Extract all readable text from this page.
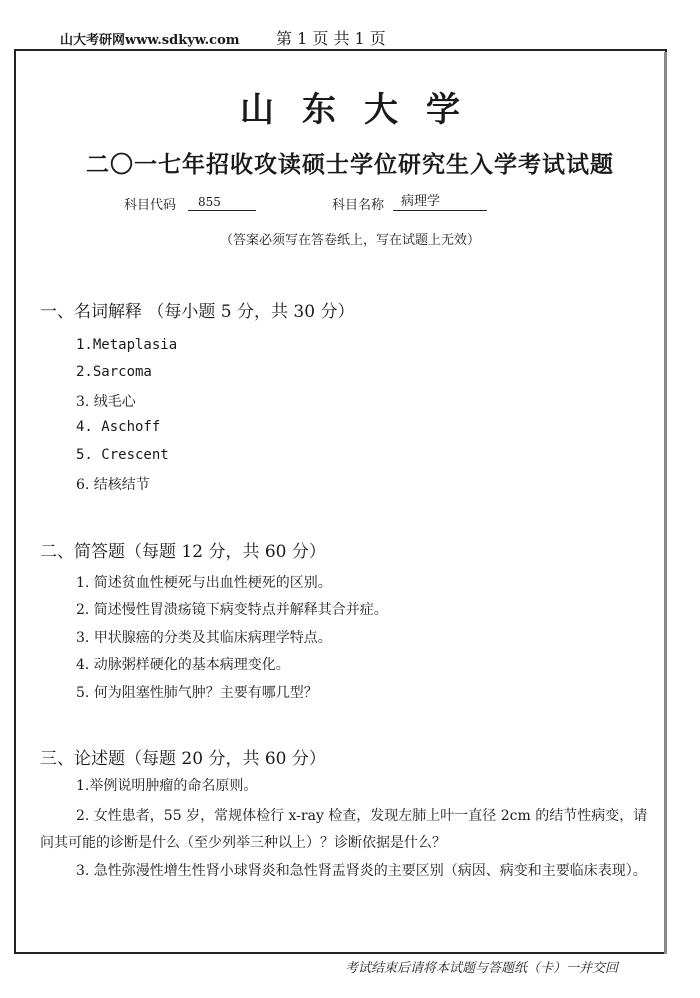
山大考研网www.sdkyw.com 第 1 页 共 1 页
山东大学
二〇一七年招收攻读硕士学位研究生入学考试试题
科目代码	855	科目名称	病理学
（答案必须写在答卷纸上，写在试题上无效）
一、名词解释 （每小题 5 分，共 30 分）
1.Metaplasia
2.Sarcoma
3. 绒毛心
4. Aschoff
5. Crescent
6. 结核结节
二、简答题（每题 12 分，共 60 分）
1. 简述贫血性梗死与出血性梗死的区别。
2. 简述慢性胃溃疡镜下病变特点并解释其合并症。
3. 甲状腺癌的分类及其临床病理学特点。
4. 动脉粥样硬化的基本病理变化。
5. 何为阻塞性肺气肿？主要有哪几型？
三、论述题（每题 20 分，共 60 分）
1.举例说明肿瘤的命名原则。
2. 女性患者，55 岁，常规体检行 x-ray 检查，发现左肺上叶一直径 2cm 的结节性病变，请问其可能的诊断是什么（至少列举三种以上）？诊断依据是什么？
3. 急性弥漫性增生性肾小球肾炎和急性肾盂肾炎的主要区别（病因、病变和主要临床表现）。
考试结束后请将本试题与答题纸（卡）一并交回
